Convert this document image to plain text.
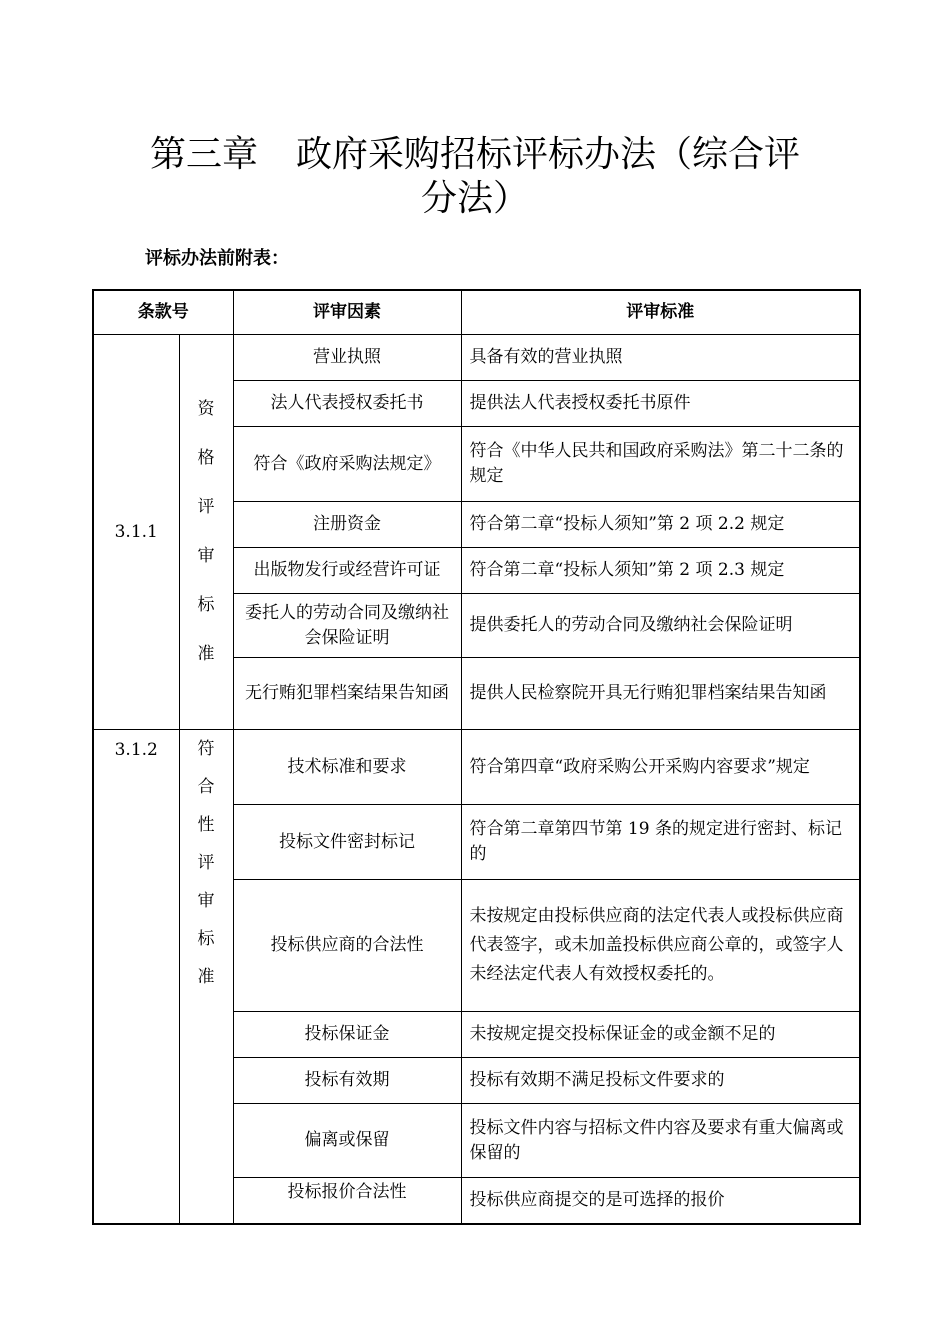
第三章 政府采购招标评标办法（综合评
分法）
评标办法前附表：
条款号		评审因素	评审标准
3.1.1	资格评审标准	营业执照	具备有效的营业执照
		法人代表授权委托书	提供法人代表授权委托书原件
		符合《政府采购法规定》	符合《中华人民共和国政府采购法》第二十二条的规定
		注册资金	符合第二章“投标人须知”第 2 项 2.2 规定
		出版物发行或经营许可证	符合第二章“投标人须知”第 2 项 2.3 规定
		委托人的劳动合同及缴纳社会保险证明	提供委托人的劳动合同及缴纳社会保险证明
		无行贿犯罪档案结果告知函	提供人民检察院开具无行贿犯罪档案结果告知函
3.1.2	符合性评审标准	技术标准和要求	符合第四章“政府采购公开采购内容要求”规定
		投标文件密封标记	符合第二章第四节第 19 条的规定进行密封、标记的
		投标供应商的合法性	未按规定由投标供应商的法定代表人或投标供应商代表签字，或未加盖投标供应商公章的，或签字人未经法定代表人有效授权委托的。
		投标保证金	未按规定提交投标保证金的或金额不足的
		投标有效期	投标有效期不满足投标文件要求的
		偏离或保留	投标文件内容与招标文件内容及要求有重大偏离或保留的
		投标报价合法性	投标供应商提交的是可选择的报价
